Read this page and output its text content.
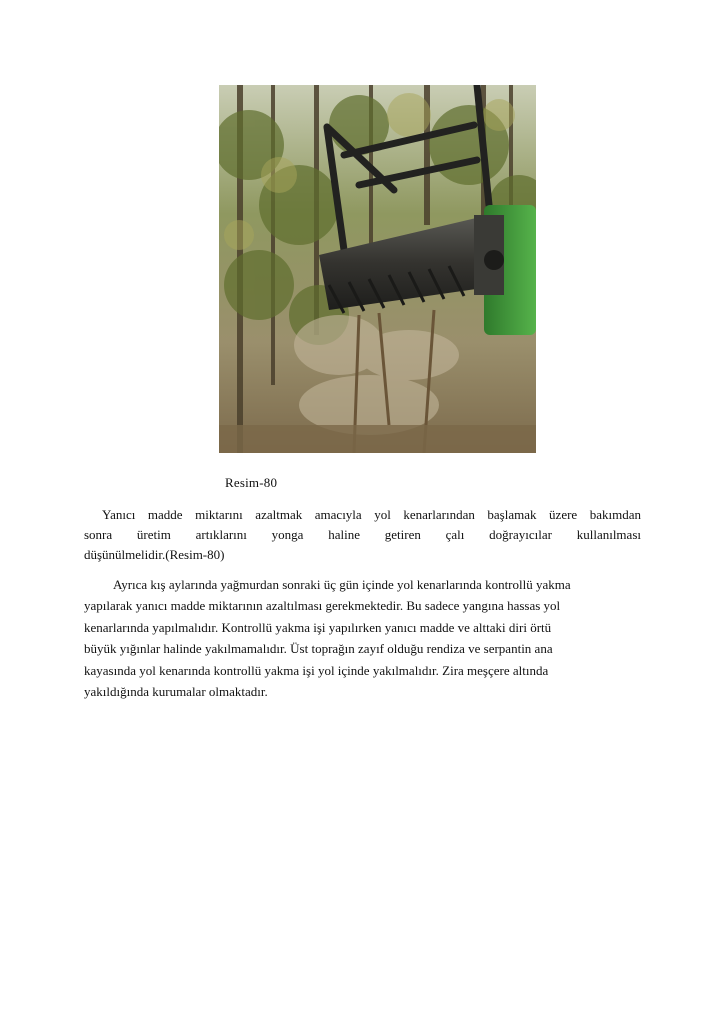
Resim-80
Yanıcı madde miktarını azaltmak amacıyla yol kenarlarından başlamak üzere bakımdan
sonra üretim artıklarını yonga haline getiren çalı doğrayıcılar kullanılması
düşünülmelidir.(Resim-80)
Ayrıca kış aylarında yağmurdan sonraki üç gün içinde yol kenarlarında kontrollü yakma
yapılarak yanıcı madde miktarının azaltılması gerekmektedir. Bu sadece yangına hassas yol
kenarlarında yapılmalıdır. Kontrollü yakma işi yapılırken yanıcı madde ve alttaki diri örtü
büyük yığınlar halinde yakılmamalıdır. Üst toprağın zayıf olduğu rendiza ve serpantin ana
kayasında yol kenarında kontrollü yakma işi yol içinde yakılmalıdır. Zira meşçere altında
yakıldığında kurumalar olmaktadır.
